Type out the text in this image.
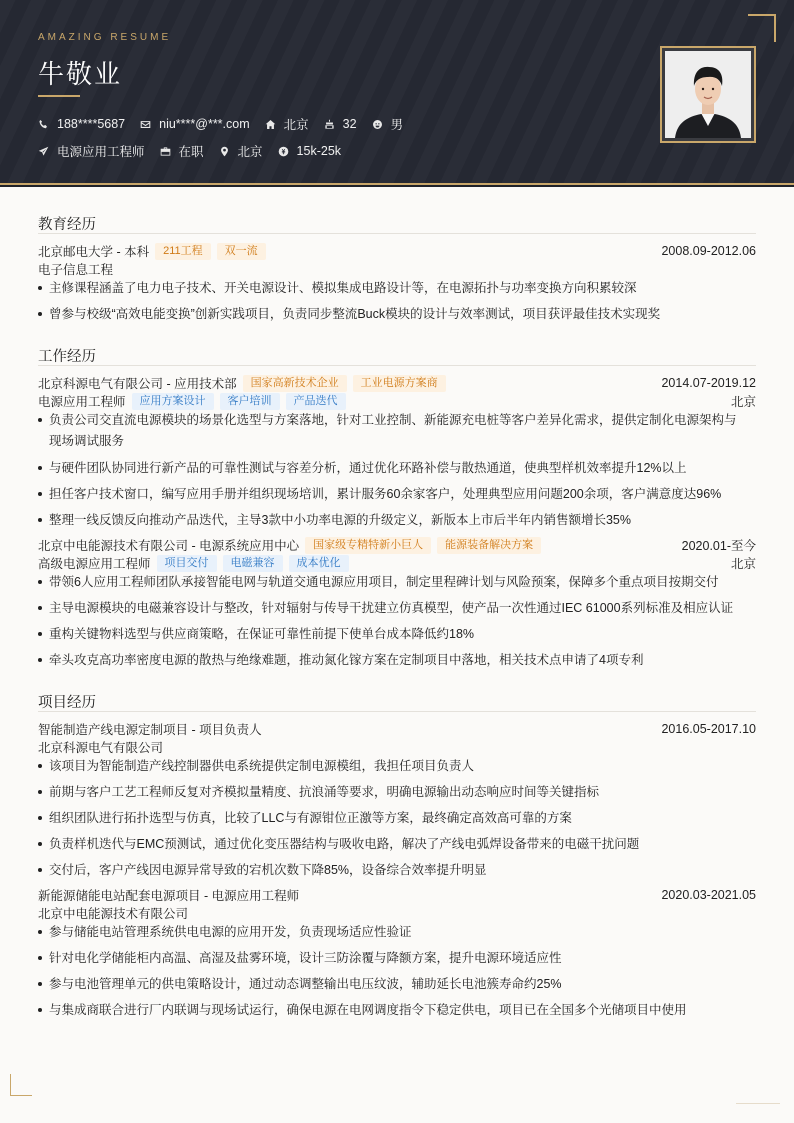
AMAZING RESUME
牛敬业
188****5687	niu****@***.com	北京	32	男
电源应用工程师	在职	北京	15k-25k
教育经历
北京邮电大学 - 本科	211工程	双一流	2008.09-2012.06
电子信息工程
主修课程涵盖了电力电子技术、开关电源设计、模拟集成电路设计等，在电源拓扑与功率变换方向积累较深
曾参与校级“高效电能变换”创新实践项目，负责同步整流Buck模块的设计与效率测试，项目获评最佳技术实现奖
工作经历
北京科源电气有限公司 - 应用技术部	国家高新技术企业	工业电源方案商	2014.07-2019.12
电源应用工程师	应用方案设计	客户培训	产品迭代	北京
负责公司交直流电源模块的场景化选型与方案落地，针对工业控制、新能源充电桩等客户差异化需求，提供定制化电源架构与现场调试服务
与硬件团队协同进行新产品的可靠性测试与容差分析，通过优化环路补偿与散热通道，使典型样机效率提升12%以上
担任客户技术窗口，编写应用手册并组织现场培训，累计服务60余家客户，处理典型应用问题200余项，客户满意度达96%
整理一线反馈反向推动产品迭代，主导3款中小功率电源的升级定义，新版本上市后半年内销售额增长35%
北京中电能源技术有限公司 - 电源系统应用中心	国家级专精特新小巨人	能源装备解决方案	2020.01-至今
高级电源应用工程师	项目交付	电磁兼容	成本优化	北京
带领6人应用工程师团队承接智能电网与轨道交通电源应用项目，制定里程碑计划与风险预案，保障多个重点项目按期交付
主导电源模块的电磁兼容设计与整改，针对辐射与传导干扰建立仿真模型，使产品一次性通过IEC 61000系列标准及相应认证
重构关键物料选型与供应商策略，在保证可靠性前提下使单台成本降低约18%
牵头攻克高功率密度电源的散热与绝缘难题，推动氮化镓方案在定制项目中落地，相关技术点申请了4项专利
项目经历
智能制造产线电源定制项目 - 项目负责人	2016.05-2017.10
北京科源电气有限公司
该项目为智能制造产线控制器供电系统提供定制电源模组，我担任项目负责人
前期与客户工艺工程师反复对齐模拟量精度、抗浪涌等要求，明确电源输出动态响应时间等关键指标
组织团队进行拓扑选型与仿真，比较了LLC与有源钳位正激等方案，最终确定高效高可靠的方案
负责样机迭代与EMC预测试，通过优化变压器结构与吸收电路，解决了产线电弧焊设备带来的电磁干扰问题
交付后，客户产线因电源异常导致的宕机次数下降85%，设备综合效率提升明显
新能源储能电站配套电源项目 - 电源应用工程师	2020.03-2021.05
北京中电能源技术有限公司
参与储能电站管理系统供电电源的应用开发，负责现场适应性验证
针对电化学储能柜内高温、高湿及盐雾环境，设计三防涂覆与降额方案，提升电源环境适应性
参与电池管理单元的供电策略设计，通过动态调整输出电压纹波，辅助延长电池簇寿命约25%
与集成商联合进行厂内联调与现场试运行，确保电源在电网调度指令下稳定供电，项目已在全国多个光储项目中使用
